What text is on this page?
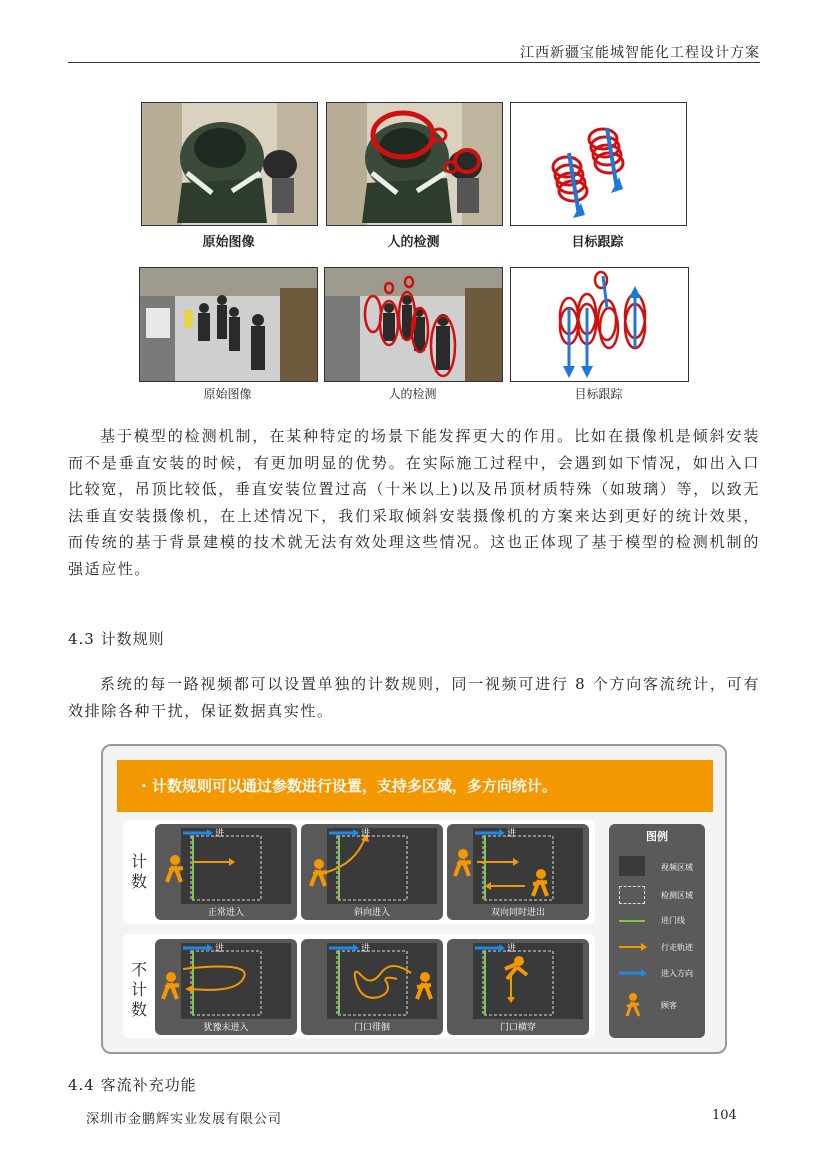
江西新疆宝能城智能化工程设计方案
原始图像	人的检测	目标跟踪
原始图像	人的检测	目标跟踪

基于模型的检测机制，在某种特定的场景下能发挥更大的作用。比如在摄像机是倾斜安装而不是垂直安装的时候，有更加明显的优势。在实际施工过程中，会遇到如下情况，如出入口比较宽，吊顶比较低，垂直安装位置过高（十米以上)以及吊顶材质特殊（如玻璃）等，以致无法垂直安装摄像机，在上述情况下，我们采取倾斜安装摄像机的方案来达到更好的统计效果，而传统的基于背景建模的技术就无法有效处理这些情况。这也正体现了基于模型的检测机制的强适应性。

4.3 计数规则

系统的每一路视频都可以设置单独的计数规则，同一视频可进行 8 个方向客流统计，可有效排除各种干扰，保证数据真实性。

· 计数规则可以通过参数进行设置，支持多区域，多方向统计。
计
数
不
计
数
进
正常进入
进
斜向进入
进
双向同时进出
进
犹豫未进入
进
门口徘徊
进
门口横穿
图例
视频区域
检测区域
进门线
行走轨迹
进入方向
顾客
4.4 客流补充功能
深圳市金鹏辉实业发展有限公司	104
